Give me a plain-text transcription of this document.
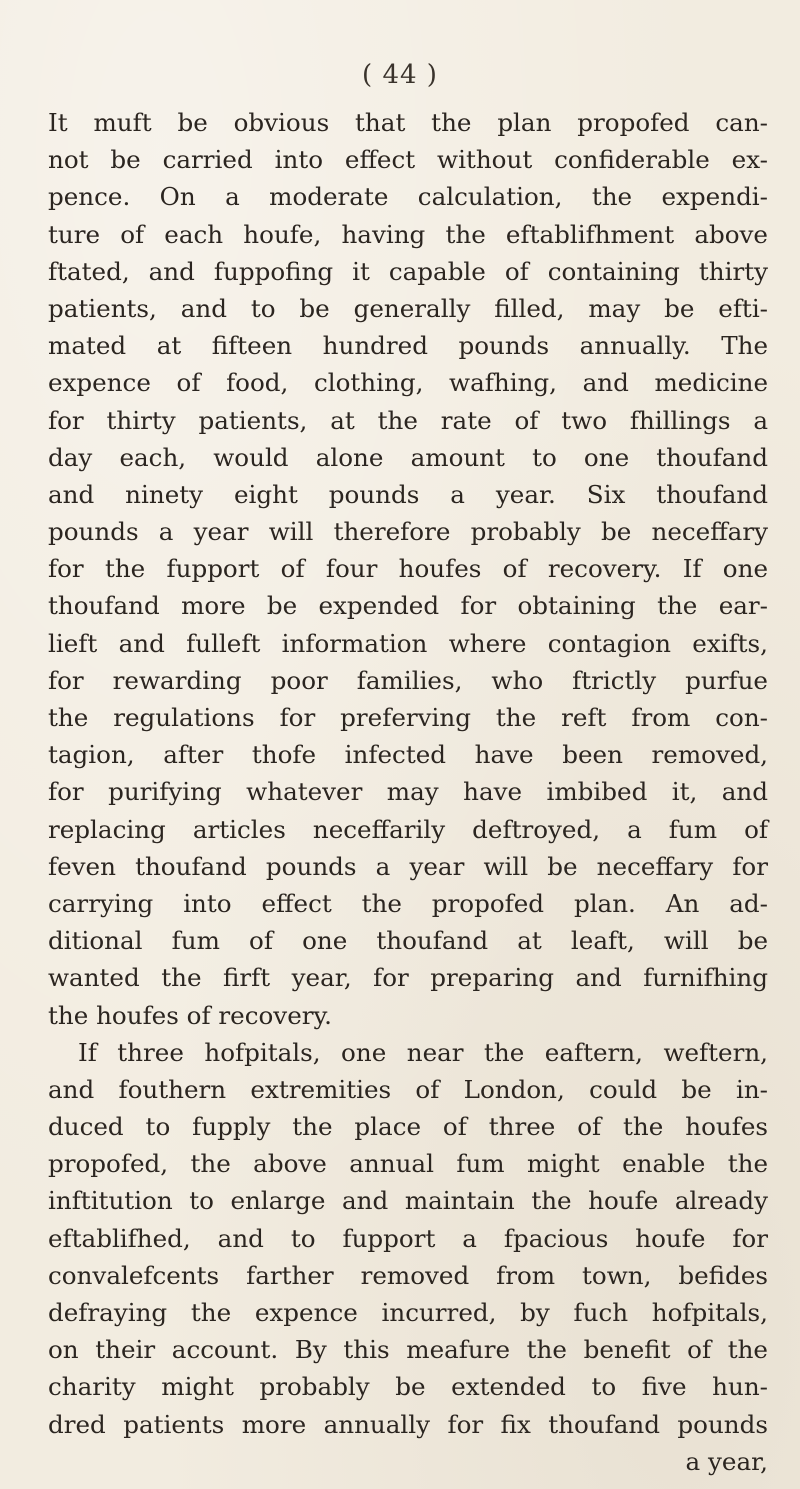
( 44 )
It muft be obvious that the plan propofed can-
not be carried into effect without confiderable ex-
pence. On a moderate calculation, the expendi-
ture of each houfe, having the eftablifhment above
ftated, and fuppofing it capable of containing thirty
patients, and to be generally filled, may be efti-
mated at fifteen hundred pounds annually. The
expence of food, clothing, wafhing, and medicine
for thirty patients, at the rate of two fhillings a
day each, would alone amount to one thoufand
and ninety eight pounds a year. Six thoufand
pounds a year will therefore probably be neceffary
for the fupport of four houfes of recovery. If one
thoufand more be expended for obtaining the ear-
lieft and fulleft information where contagion exifts,
for rewarding poor families, who ftrictly purfue
the regulations for preferving the reft from con-
tagion, after thofe infected have been removed,
for purifying whatever may have imbibed it, and
replacing articles neceffarily deftroyed, a fum of
feven thoufand pounds a year will be neceffary for
carrying into effect the propofed plan. An ad-
ditional fum of one thoufand at leaft, will be
wanted the firft year, for preparing and furnifhing
the houfes of recovery.
If three hofpitals, one near the eaftern, weftern,
and fouthern extremities of London, could be in-
duced to fupply the place of three of the houfes
propofed, the above annual fum might enable the
inftitution to enlarge and maintain the houfe already
eftablifhed, and to fupport a fpacious houfe for
convalefcents farther removed from town, befides
defraying the expence incurred, by fuch hofpitals,
on their account. By this meafure the benefit of the
charity might probably be extended to five hun-
dred patients more annually for fix thoufand pounds
a year,
